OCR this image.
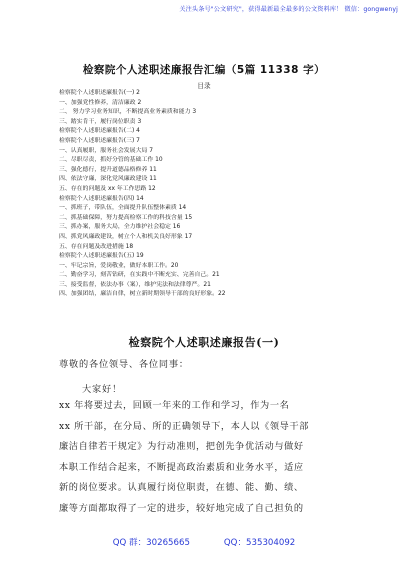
关注头条号"公文研究"，获得最新最全最多的公文资料库！ 微信：gongwenyj
检察院个人述职述廉报告汇编（5篇 11338 字）
目录
检察院个人述职述廉报告(一) 2
一、加强党性修养，清洁廉政 2
二、 努力学习业务知识，不断提高业务素质和能力 3
三、踏实肯干，履行岗位职责 3
检察院个人述职述廉报告(二) 4
检察院个人述职述廉报告(三) 7
一、认真履职，服务社会发展大局 7
二、尽职尽责，抓好分管的基础工作 10
三、强化德行，提升道德品格修养 11
四、依法守廉，深化党风廉政建设 11
五、存在的问题及 xx 年工作思路 12
检察院个人述职述廉报告(四) 14
一、抓班子，带队伍，全面提升队伍整体素质 14
二、抓基础保障，努力提高检察工作的科技含量 15
三、抓办案，服务大局，全力维护社会稳定 16
四、抓党风廉政建设，树立个人和机关良好形象 17
五、存在问题及改进措施 18
检察院个人述职述廉报告(五) 19
一、牢记宗旨，爱岗敬业，做好本职工作。20
二、勤奋学习，刻苦钻研，在实践中不断充实、完善自己。21
三、接受监督，依法办事（案），维护宪法和法律尊严。21
四、加强团结，廉洁自律，树立新时期领导干部的良好形象。22
检察院个人述职述廉报告(一)
尊敬的各位领导、各位同事：
大家好！
xx 年将要过去，回顾一年来的工作和学习，作为一名
xx 所干部，在分局、所的正确领导下，本人以《领导干部
廉洁自律若干规定》为行动准则，把创先争优活动与做好
本职工作结合起来，不断提高政治素质和业务水平，适应
新的岗位要求。认真履行岗位职责，在德、能、勤、绩、
廉等方面都取得了一定的进步，较好地完成了自己担负的
QQ 群：30265665	QQ：535304092
